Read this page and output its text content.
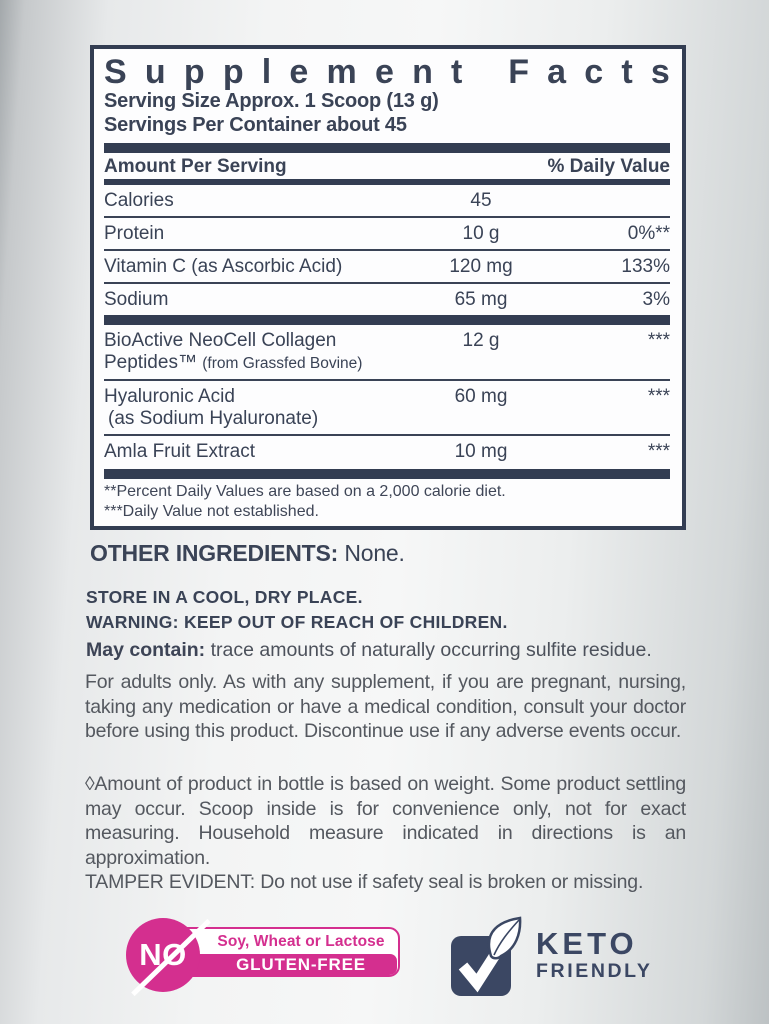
S u p p l e m e n t
F a c t s
Serving Size Approx. 1 Scoop (13 g)
Servings Per Container about 45
Amount Per Serving	% Daily Value
Calories	45
Protein	10 g	0%**
Vitamin C (as Ascorbic Acid)	120 mg	133%
Sodium	65 mg	3%
BioActive NeoCell Collagen
Peptides™ (from Grassfed Bovine)
12 g	***
Hyaluronic Acid
(as Sodium Hyaluronate)
60 mg	***
Amla Fruit Extract	10 mg	***
**Percent Daily Values are based on a 2,000 calorie diet.
***Daily Value not established.
OTHER INGREDIENTS: None.
STORE IN A COOL, DRY PLACE.
WARNING: KEEP OUT OF REACH OF CHILDREN.
May contain: trace amounts of naturally occurring sulfite residue.
For adults only. As with any supplement, if you are pregnant, nursing, taking any medication or have a medical condition, consult your doctor before using this product. Discontinue use if any adverse events occur.
◊Amount of product in bottle is based on weight. Some product settling may occur. Scoop inside is for convenience only, not for exact measuring. Household measure indicated in directions is an approximation.
TAMPER EVIDENT: Do not use if safety seal is broken or missing.
Soy, Wheat or Lactose
GLUTEN-FREE
NO	KETO
FRIENDLY
